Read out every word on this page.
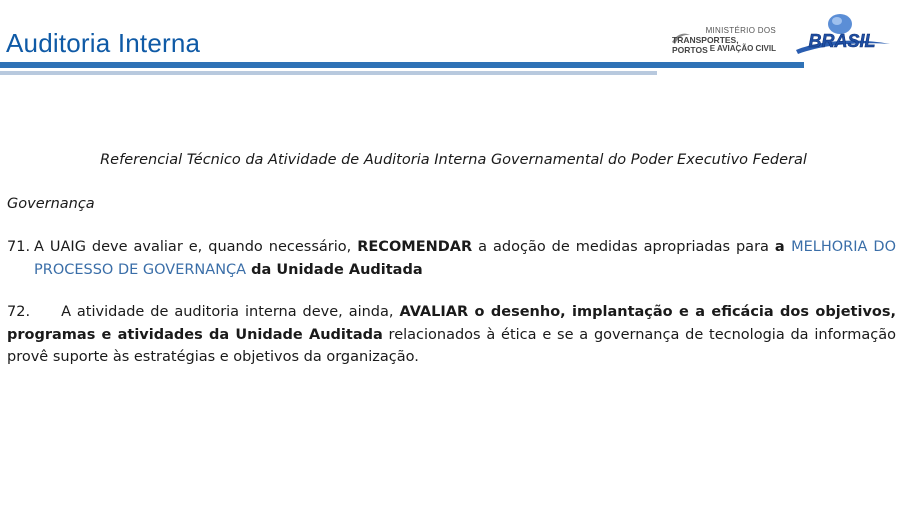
Auditoria Interna	MINISTÉRIO DOS
TRANSPORTES, PORTOS E AVIAÇÃO CIVIL BRASIL
Referencial Técnico da Atividade de Auditoria Interna Governamental do Poder Executivo Federal
Governança
71. A UAIG deve avaliar e, quando necessário, RECOMENDAR a adoção de medidas apropriadas para a MELHORIA DO PROCESSO DE GOVERNANÇA da Unidade Auditada
72. A atividade de auditoria interna deve, ainda, AVALIAR o desenho, implantação e a eficácia dos objetivos, programas e atividades da Unidade Auditada relacionados à ética e se a governança de tecnologia da informação provê suporte às estratégias e objetivos da organização.
